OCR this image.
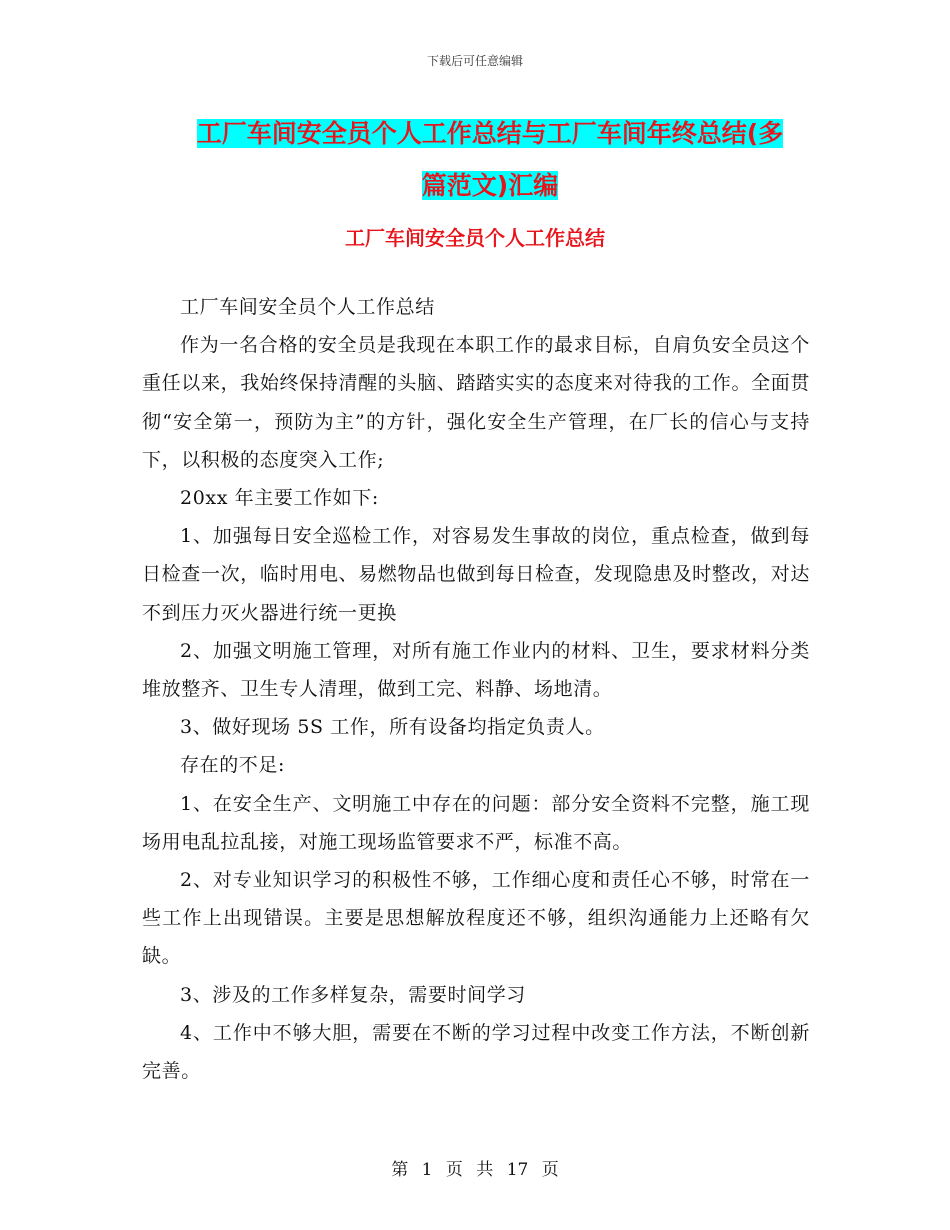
下载后可任意编辑
工厂车间安全员个人工作总结与工厂车间年终总结(多
篇范文)汇编
工厂车间安全员个人工作总结

工厂车间安全员个人工作总结

作为一名合格的安全员是我现在本职工作的最求目标，自肩负安全员这个重任以来，我始终保持清醒的头脑、踏踏实实的态度来对待我的工作。全面贯彻“安全第一，预防为主”的方针，强化安全生产管理，在厂长的信心与支持下，以积极的态度突入工作;

20xx 年主要工作如下:

1、加强每日安全巡检工作，对容易发生事故的岗位，重点检查，做到每日检查一次，临时用电、易燃物品也做到每日检查，发现隐患及时整改，对达不到压力灭火器进行统一更换

2、加强文明施工管理，对所有施工作业内的材料、卫生，要求材料分类堆放整齐、卫生专人清理，做到工完、料静、场地清。

3、做好现场 5S 工作，所有设备均指定负责人。

存在的不足:

1、在安全生产、文明施工中存在的问题：部分安全资料不完整，施工现场用电乱拉乱接，对施工现场监管要求不严，标准不高。

2、对专业知识学习的积极性不够，工作细心度和责任心不够，时常在一些工作上出现错误。主要是思想解放程度还不够，组织沟通能力上还略有欠缺。

3、涉及的工作多样复杂，需要时间学习

4、工作中不够大胆，需要在不断的学习过程中改变工作方法，不断创新完善。

第 1 页 共 17 页
